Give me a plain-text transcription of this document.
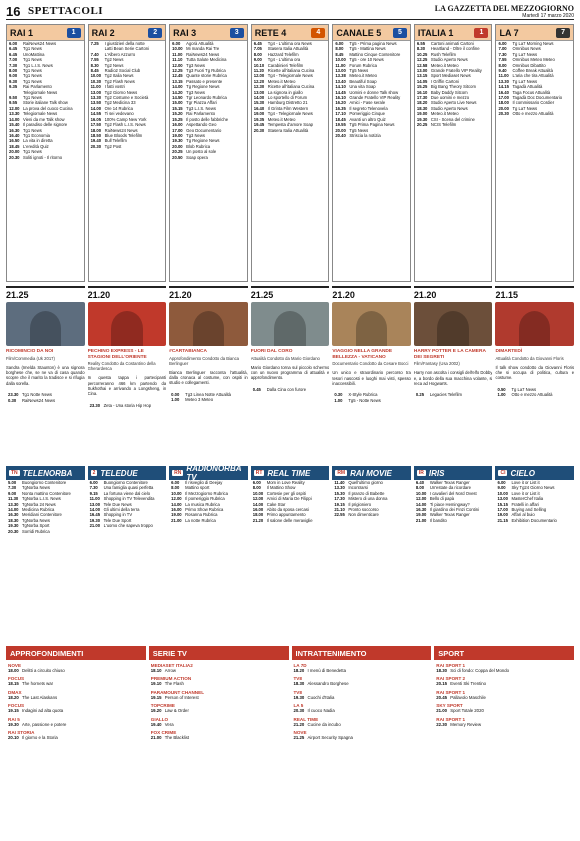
16 SPETTACOLI	LA GAZZETTA DEL MEZZOGIORNO
Martedì 17 marzo 2020
RAI 1	1
6.00	RaiNews24 News
6.45	Tg1 News
6.45	UnoMattina
7.00	Tg1 News
7.30	Tg1 L.I.S. News
8.00	Tg1 News
9.00	Tg1 News
9.30	Tg1 News
9.35	Rai Parlamento
Telegiornale News
9.50	Tg1 News
9.55	Storie italiane Talk show
12.00 La prova del cuoco Cucina
13.30 Telegiornale News
14.00 Vieni da me Talk show
15.40 Il paradiso delle signore
16.30 Tg1 News
16.40 Tg1 Economia
16.50 La vita in diretta
18.45 L'eredità Quiz
20.00 Tg1 News
20.30 Soliti ignoti - Il ritorno
RAI 2	2
7.25	I giustizieri della notte
Latti Bean Serie Cartoni
7.40	L'Albero Azzurro
7.55	Tg2 News
8.30	Tg2 News
8.45	Radio2 Social Club
10.00 Tg2 Italia News
10.30 Tg2 Flash News
11.00 I fatti vostri
13.00 Tg2 Giorno News
13.30 Tg2 Costume e Società
13.50 Tg2 Medicina 33
14.00 Ore 14 Rubrica
14.55 Ti sei vedevano
16.05 100% Camp New York
17.50 Tg2 Flash L.I.S. News
18.00 RaiNews24 News
18.50 Blue Bloods Telefilm
19.40 Bull Telefilm
20.30 Tg2 Post
RAI 3	3
6.00	Agorà Attualità
10.00 Mi manda Rai Tre
11.00 RaiNews24 News
11.10 Tutta Salute Medicina
12.00 Tg3 News
12.25 Tg3 Fuori Tg Rubrica
12.45 Quante storie Rubrica
13.15 Passato e presente
14.00 Tg Regione News
14.20 Tg3 News
14.50 Tgr Leonardo Rubrica
15.00 Tgr Piazza Affari
15.15 Tg3 L.I.S. News
15.20 Rai Parlamento
15.25 Il posto delle fabbriche
16.00 Aspettando Geo
17.00 Geo Documentario
19.00 Tg3 News
19.30 Tg Regione News
20.00 Blob Rubrica
20.25 Un posto al sole
20.50 Soap opera
RETE 4	4
6.45	Tg4 - L'ultima ora News
7.05	Stasera Italia Attualità
8.00	Hazzard Telefilm
9.00	Tg4 - L'ultima ora
10.10 Carabinieri Telefilm
11.20 Ricette all'italiana Cucina
12.00 Tg4 - Telegiornale News
12.20 Meteo.it Meteo
12.30 Ricette all'italiana Cucina
13.00 La signora in giallo
14.00 Lo sportello di Forum
15.30 Hamburg Distretto 21
16.40 Il Grinta Film Western
19.00 Tg4 - Telegiornale News
19.35 Meteo.it Meteo
19.45 Tempesta d'amore Soap
20.30 Stasera Italia Attualità
CANALE 5	5
6.00	Tg5 - Prima pagina News
8.00	Tg5 - Mattina News
8.45	Mattino Cinque Contenitore
10.00 Tg5 - ore 10 News
11.00 Forum Rubrica
13.00 Tg5 News
13.38 Meteo.it Meteo
13.40 Beautiful Soap
14.10 Una vita Soap
14.45 Uomini e donne Talk show
16.10 Grande Fratello VIP Reality
16.20 Amici - Fase serale
16.35 Il segreto Telenovela
17.10 Pomeriggio Cinque
18.45 Avanti un altro Quiz
19.55 Tg5 Prima Pagina News
20.00 Tg5 News
20.40 Striscia la notizia
ITALIA 1	1
6.55	Cartoni animati Cartoni
8.30	Heartland - Oltre il confine
10.25 Rush Telefilm
12.25 Studio Aperto News
12.58 Meteo.it Meteo
13.00 Grande Fratello VIP Reality
13.15 Sport Mediaset News
14.05 I Griffin Cartoni
15.25 Big Bang Theory Sitcom
16.10 Baby Daddy Sitcom
17.30 Due uomini e mezzo
18.20 Studio Aperto Live News
18.30 Studio Aperto News
19.00 Meteo.it Meteo
19.30 CSI - Scena del crimine
20.25 NCIS Telefilm
LA 7	7
6.00	Tg La7 Morning News
7.00	Omnibus News
7.30	Tg La7 News
7.55	Omnibus Meteo Meteo
8.00	Omnibus Dibattito
9.40	Coffee Break Attualità
11.00 L'aria che tira Attualità
13.30 Tg La7 News
14.15 Tagadà Attualità
16.40 Taga Focus Attualità
17.00 Tagadà Doc Documentario
18.00 Il commissario Cordier
20.00 Tg La7 News
20.30 Otto e mezzo Attualità
21.25
RICOMINCIO DA NOI
Film/Commedia (Uk 2017)
Sandra (Imelda Staunton) è una signora borghese che, se ne va di casa quando scopre che il marito la tradisce e si rifugia dalla sorella.
23.30 Tg1 Notte News
0.30	RaiNews24 News
21.20
PECHINO EXPRESS - LE STAGIONI DELL'ORIENTE
Reality Condotto da Costantino della Gherardesca
In questa tappa i partecipanti percorreranno 466 km partendo da Sukhothai e arrivando a Longsheng, in Cina.
23.30 Zeta - Una storia Hip Hop
21.20
#CARTABIANCA
Approfondimento Condotto da Bianca Berlinguer
Bianca Berlinguer racconta l'attualità, dalla cronaca al costume, con ospiti in studio e collegamenti.
0.00	Tg3 Linea Notte Attualità
1.00	Meteo 3 Meteo
21.25
FUORI DAL CORO
Attualità Condotto da Mario Giordano
Mario Giordano torna sul piccolo schermo con un nuovo programma di attualità e approfondimento.
0.45	Dalla Cina con furore
21.20
VIAGGIO NELLA GRANDE BELLEZZA - VATICANO
Documentario Condotto da Cesare Bocci
Un unico e straordinario percorso tra tesori nascosti e luoghi mai visti, spesso inaccessibili.
0.30	X-Style Rubrica
1.00	Tg5 - Notte News
21.20
HARRY POTTER E LA CAMERA DEI SEGRETI
Film/Fantasy (Usa 2002)
Harry non ascolta i consigli dell'elfo Dobby e, a bordo della sua macchina volante, si reca ad Hogwarts.
0.25	Legacies Telefilm
21.15
DIMARTEDÌ
Attualità Condotto da Giovanni Floris
Il talk show condotto da Giovanni Floris che si occupa di politica, cultura e costume.
0.50	Tg La7 News
1.00	Otto e mezzo Attualità
TN TELENORBA
5.00	Buongiorno Contenitore
7.30	TgNorba News
9.00	Nonta mattino Contenitore
11.30 TgNorba L.I.S. News
13.30 TgNorba 24 News
14.00 Medicina Rubrica
16.30 Meridiani Contenitore
18.30 TgNorba News
19.30 TgNorba Sport
20.30 Sorridi Rubrica
2 TELEDUE
6.00	Buongiorno Contenitore
7.30	Una famiglia quasi perfetta
9.15	La fortuna viene dal cielo
11.00 Shopping in TV Televendita
13.00 Tele Due News
14.00 Gli ultimi della terra
16.45 Shopping in TV
19.30 Tele Due Sport
21.00 L'uomo che sapeva troppo
RN RADIONORBA TV
6.00	Il risveglio di Deejay
8.00	Mattino sport
10.00 Il Mezzogiorno Rubrica
12.00 Il pomeriggio Rubrica
14.00 La musica Rubrica
16.00 Primo Show Rubrica
19.00 Rosanna Rubrica
21.00 La notte Rubrica
RT REAL TIME
6.00	Mom in Love Reality
8.00	Il Mattino Show
10.00 Cortesie per gli ospiti
12.00 Amici di Maria De Filippi
14.00 Cake Star
16.00 Abito da sposa cercasi
18.00 Primo appuntamento
21.20 Il salone delle meraviglie
RM RAI MOVIE
11.40 Quell'ultimo giorno
13.30 Incontrarsi
15.30 Il pranzo di Babette
17.30 Mistero di una donna
19.15 Il prigioniero
21.10 Pronto soccorso
22.55 Non dimenticare
IR IRIS
6.40	Walker Texas Ranger
8.00	Un'estate da ricordare
10.00 I cavalieri del Nord Ovest
12.00 Bello di papà
14.00 Ti piace Hemingway?
16.30 Il giardino dei Finzi Contini
19.00 Walker Texas Ranger
21.00 Il bandito
CI CIELO
6.00	Love it or List it
9.00	Sky Tg24 Giorno News
10.00 Love it or List it
13.00 MasterChef Italia
15.15 Fratelli in affari
17.00 Buying and Selling
19.00 Affari al buio
21.15 Exhibition Documentario
APPROFONDIMENTI
NOVE
18.00 Delitti a circuito chiuso
FOCUS
18.15 The hornets war
DMAX
18.20 The Last Alaskans
FOCUS
19.15 Indagini ad alta quota
RAI 5
19.30 Arte, passione e potere
RAI STORIA
20.10 Il giorno e la Storia
SERIE TV
MEDIASET ITALIA2
18.10 Arrow
PREMIUM ACTION
19.10 The Flash
PARAMOUNT CHANNEL
19.15 Person of Interest
TOPCRIME
19.20 Law & Order
GIALLO
19.40 Vera
FOX CRIME
21.00 The Blacklist
INTRATTENIMENTO
LA 7D
18.20 I menù di Benedetta
TV8
18.30 Alessandro Borghese
TV8
19.30 Cuochi d'Italia
LA 5
20.30 Il cuoco Nadia
REAL TIME
21.20 Cucine da incubo
NOVE
21.25 Airport Security Spagna
SPORT
RAI SPORT 1
18.30 Sci di fondo: Coppa del Mondo
RAI SPORT 2
20.15 Eventi Ski Trentino
RAI SPORT 1
20.45 Pallavolo Maschile
SKY SPORT
21.00 Sport Totale 2020
RAI SPORT 1
22.30 Memory Review
